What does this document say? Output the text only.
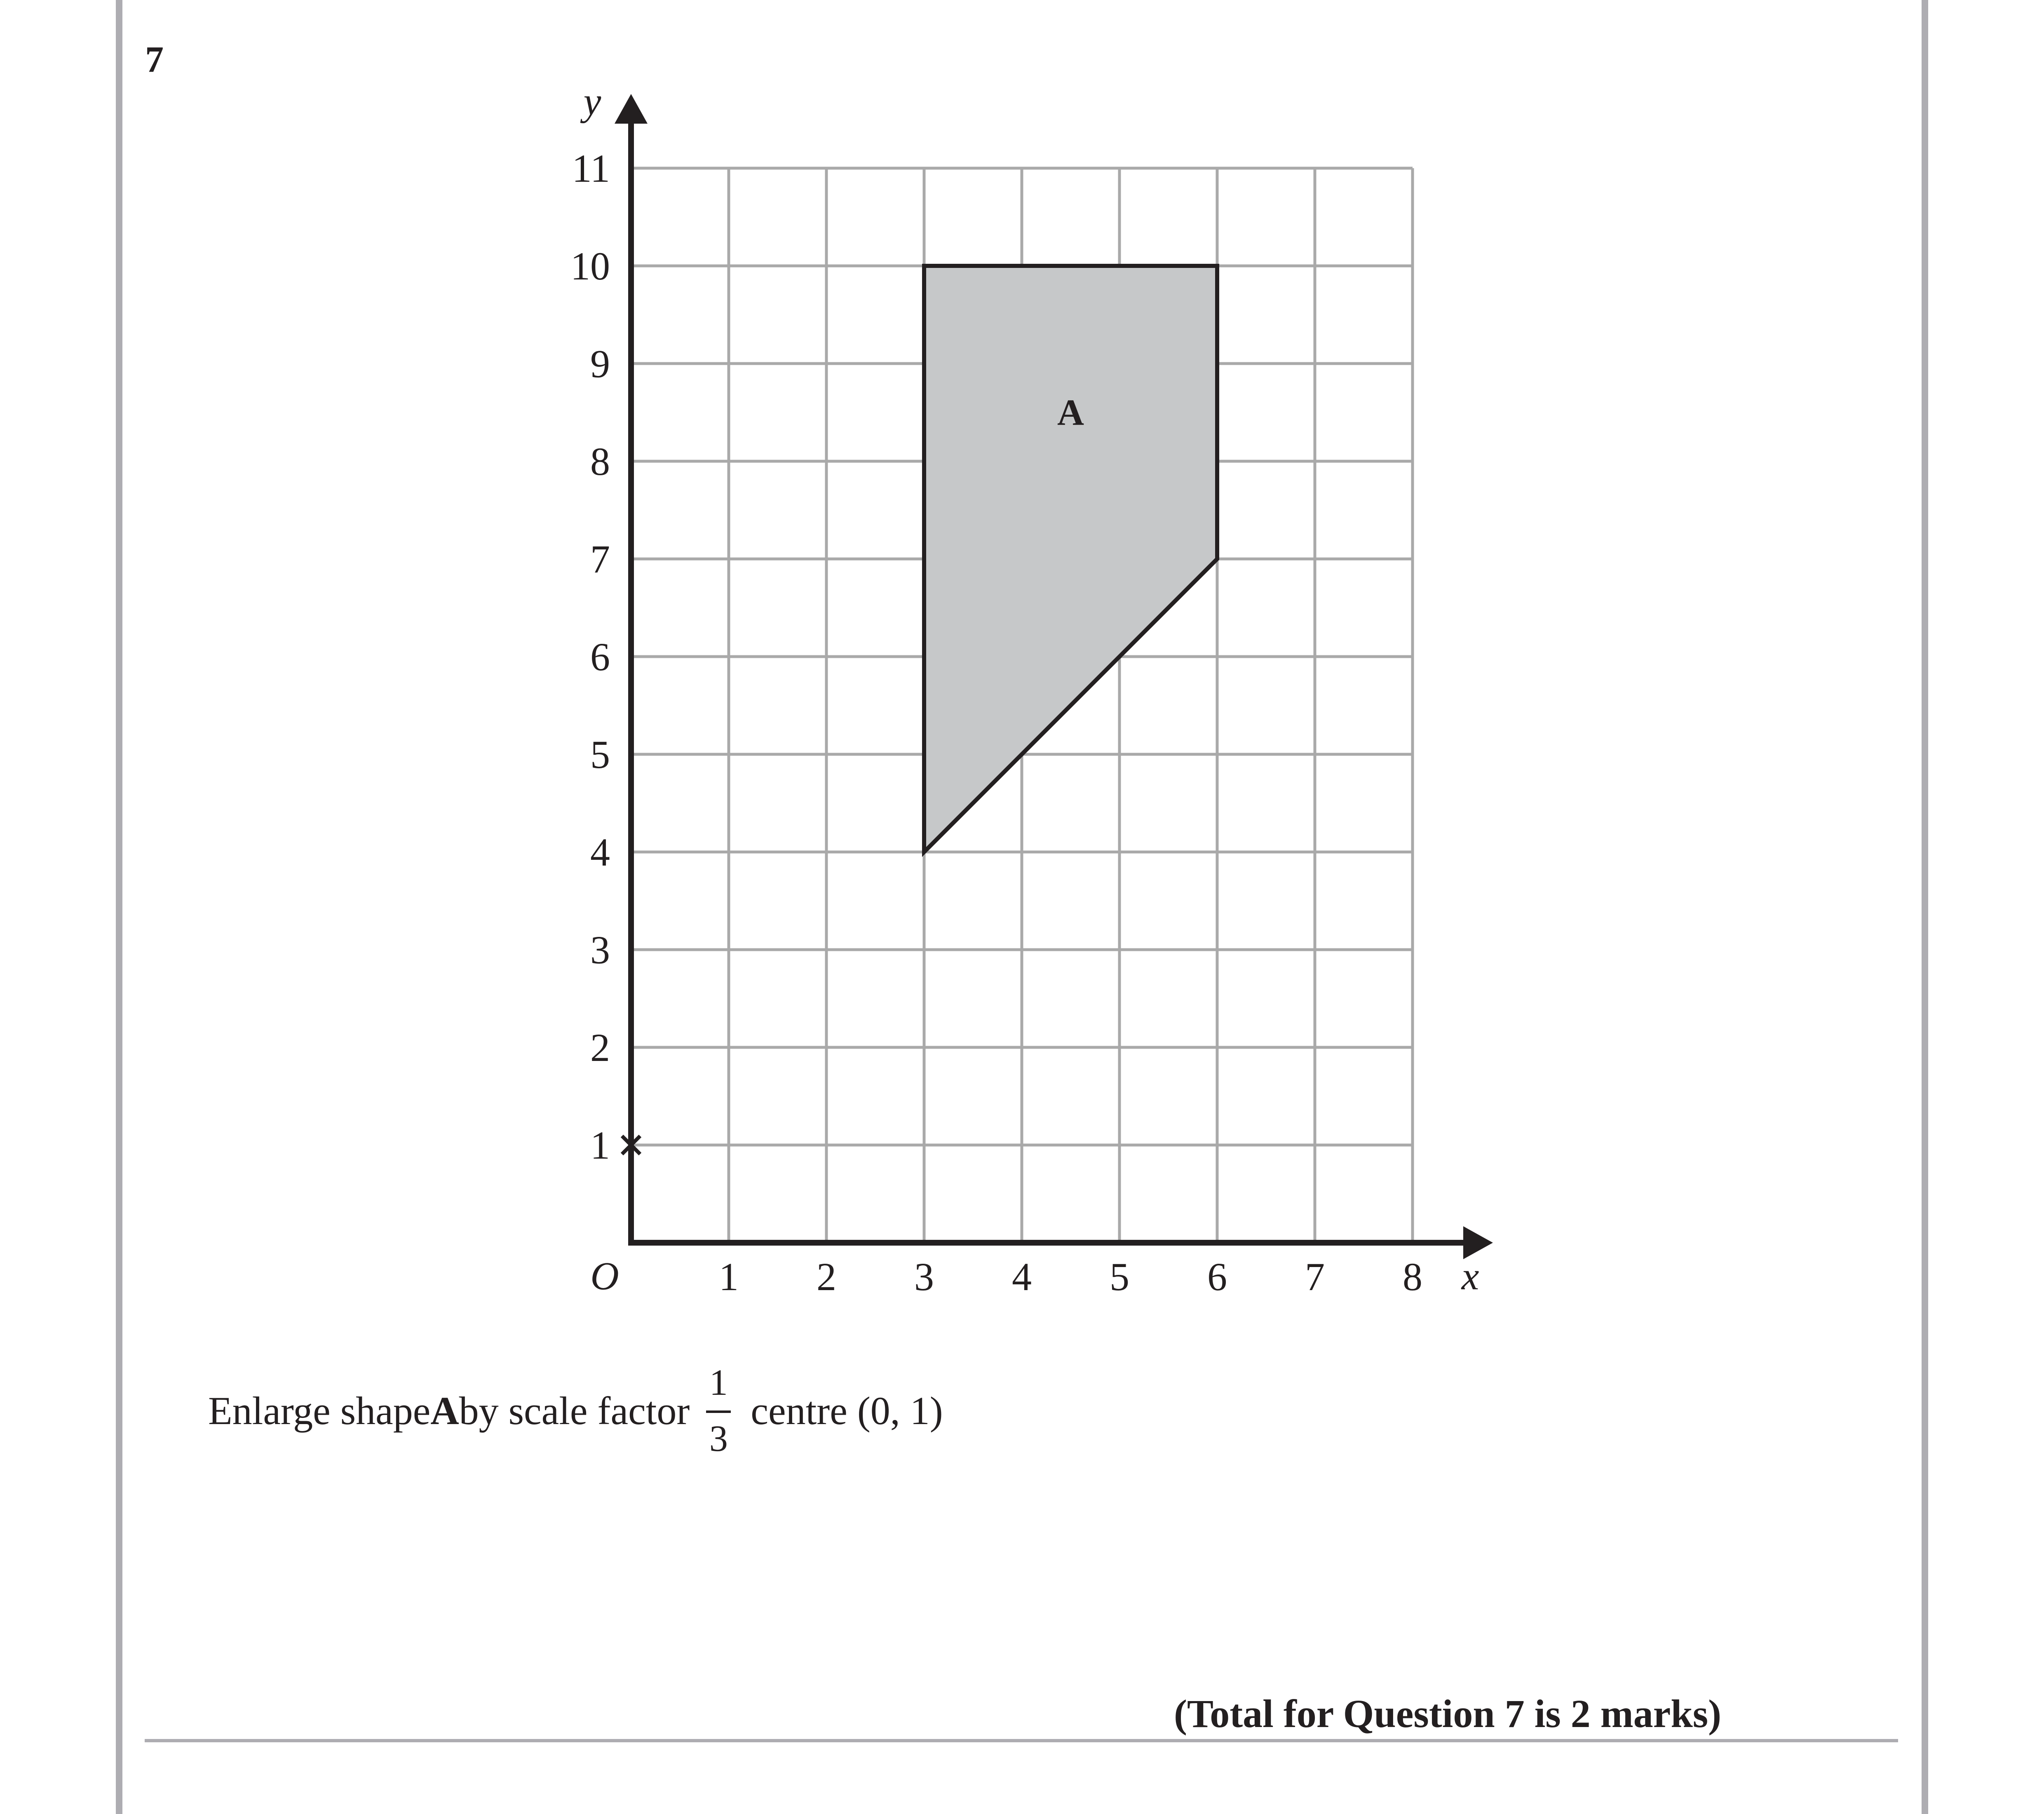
7
A
1 2 3 4 5 6 7 8
1
2
3
4
5
6
7
8
9
10
11
O	x
y
Enlarge shape A by scale factor
1
3
centre (0, 1)
(Total for Question 7 is 2 marks)
